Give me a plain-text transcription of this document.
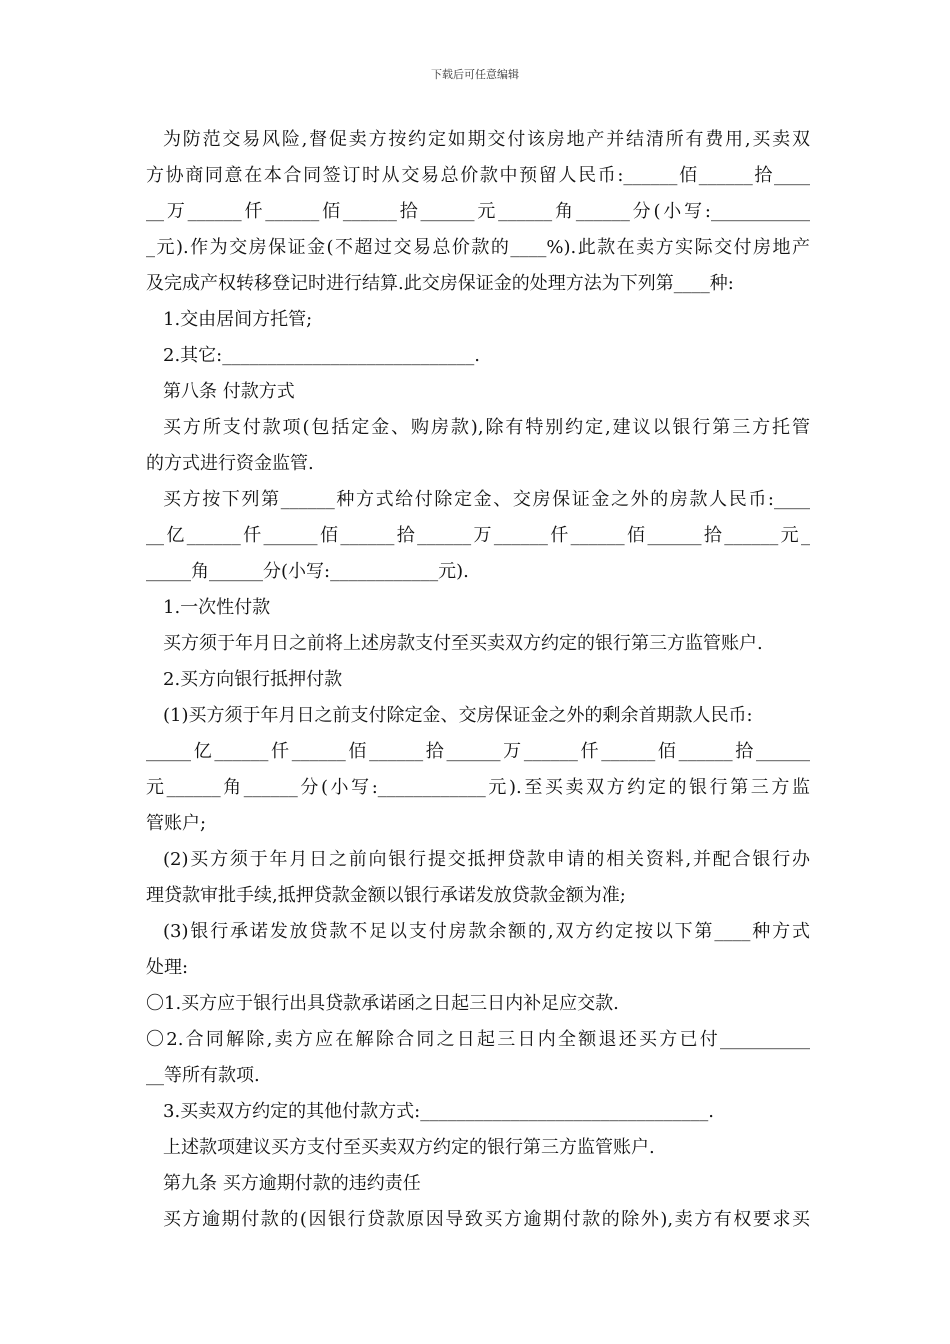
下载后可任意编辑
为防范交易风险,督促卖方按约定如期交付该房地产并结清所有费用,买卖双
方协商同意在本合同签订时从交易总价款中预留人民币:______佰______拾____
__万______仟______佰______拾______元______角______分(小写:___________
_元).作为交房保证金(不超过交易总价款的____%).此款在卖方实际交付房地产
及完成产权转移登记时进行结算.此交房保证金的处理方法为下列第____种:
1.交由居间方托管;
2.其它:____________________________.
第八条 付款方式
买方所支付款项(包括定金、购房款),除有特别约定,建议以银行第三方托管
的方式进行资金监管.
买方按下列第______种方式给付除定金、交房保证金之外的房款人民币:____
__亿______仟______佰______拾______万______仟______佰______拾______元_
_____角______分(小写:____________元).
1.一次性付款
买方须于年月日之前将上述房款支付至买卖双方约定的银行第三方监管账户.
2.买方向银行抵押付款
(1)买方须于年月日之前支付除定金、交房保证金之外的剩余首期款人民币:
_____亿______仟______佰______拾______万______仟______佰______拾______
元______角______分(小写:____________元).至买卖双方约定的银行第三方监
管账户;
(2)买方须于年月日之前向银行提交抵押贷款申请的相关资料,并配合银行办
理贷款审批手续,抵押贷款金额以银行承诺发放贷款金额为准;
(3)银行承诺发放贷款不足以支付房款余额的,双方约定按以下第____种方式
处理:
〇1.买方应于银行出具贷款承诺函之日起三日内补足应交款.
〇2.合同解除,卖方应在解除合同之日起三日内全额退还买方已付__________
__等所有款项.
3.买卖双方约定的其他付款方式:________________________________.
上述款项建议买方支付至买卖双方约定的银行第三方监管账户.
第九条 买方逾期付款的违约责任
买方逾期付款的(因银行贷款原因导致买方逾期付款的除外),卖方有权要求买
